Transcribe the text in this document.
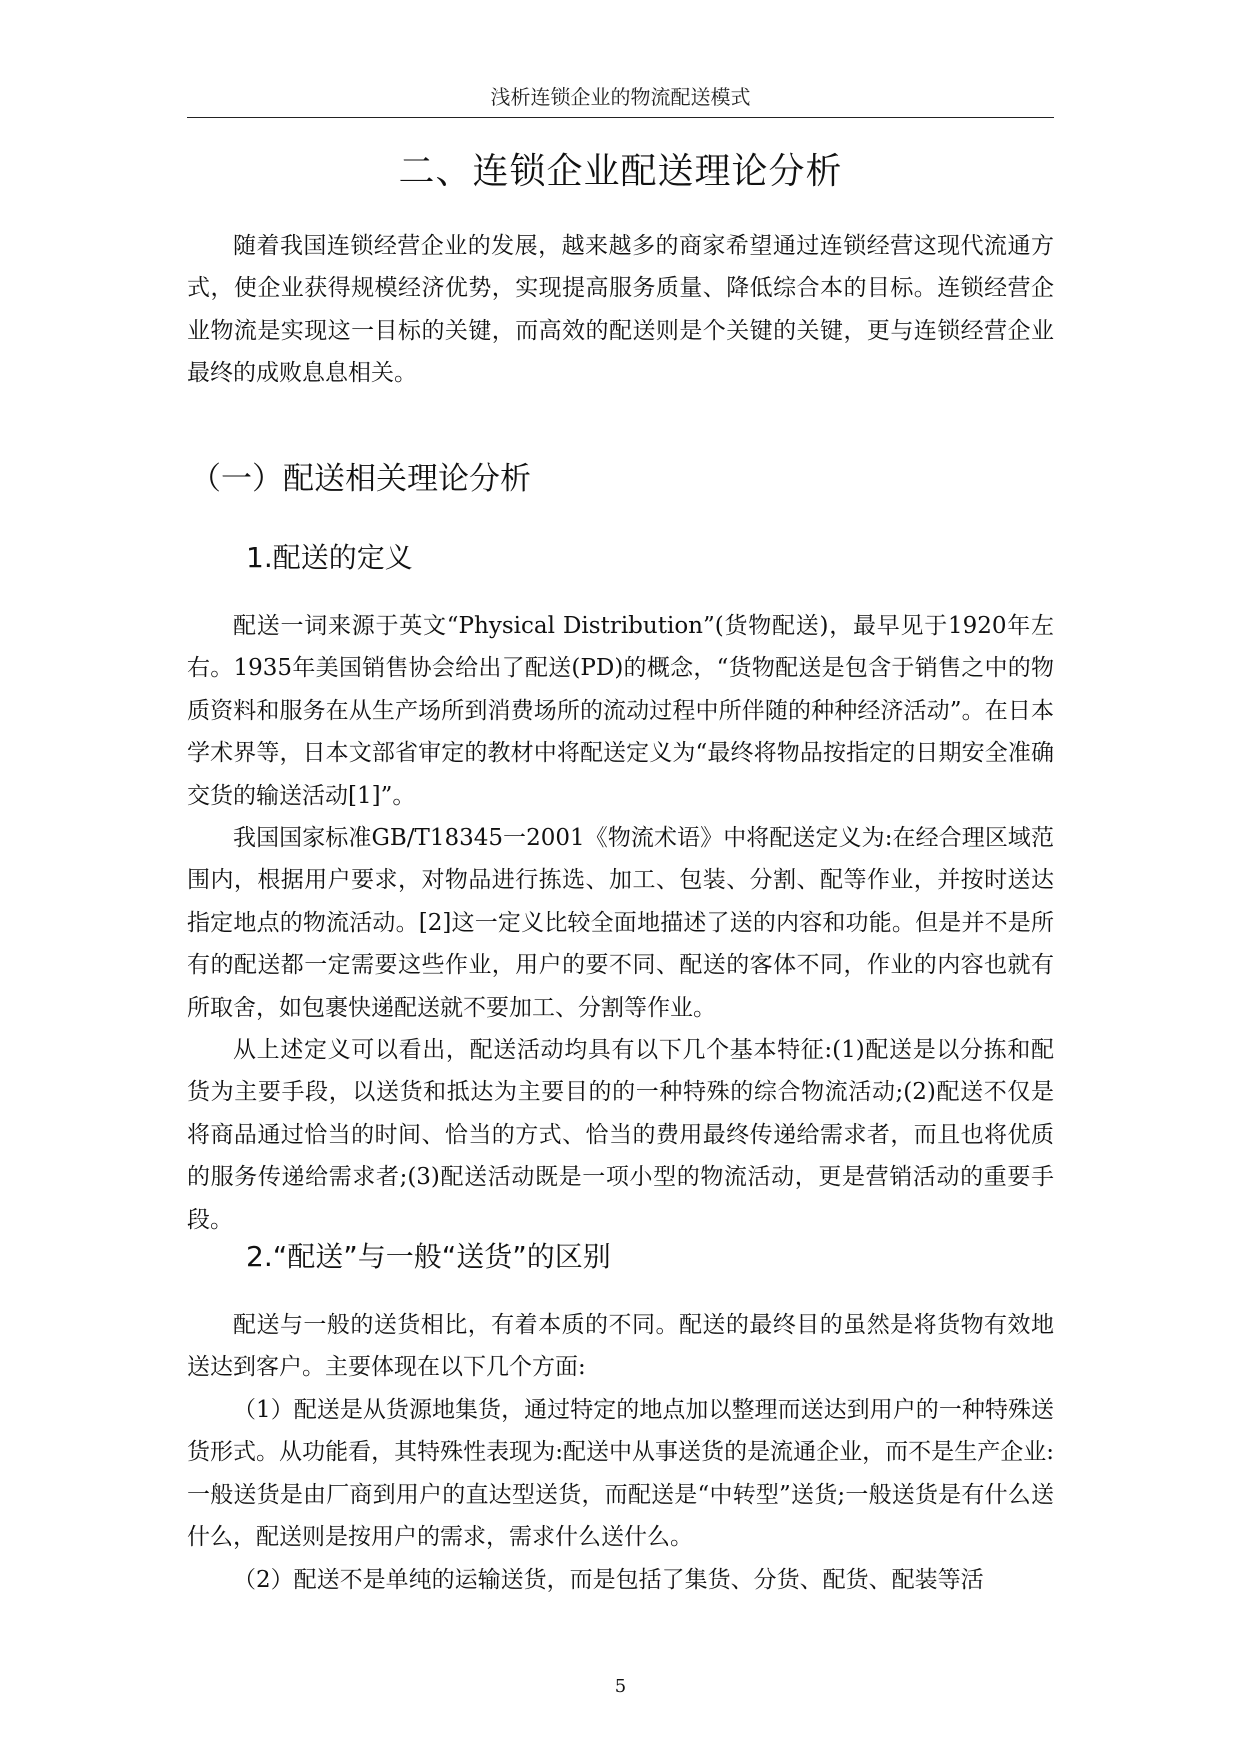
浅析连锁企业的物流配送模式
二、连锁企业配送理论分析

随着我国连锁经营企业的发展，越来越多的商家希望通过连锁经营这现代流通方式，使企业获得规模经济优势，实现提高服务质量、降低综合本的目标。连锁经营企业物流是实现这一目标的关键，而高效的配送则是个关键的关键，更与连锁经营企业最终的成败息息相关。

（一）配送相关理论分析
1.配送的定义

配送一词来源于英文“Physical Distribution”(货物配送)，最早见于1920年左右。1935年美国销售协会给出了配送(PD)的概念，“货物配送是包含于销售之中的物质资料和服务在从生产场所到消费场所的流动过程中所伴随的种种经济活动”。在日本学术界等，日本文部省审定的教材中将配送定义为“最终将物品按指定的日期安全准确交货的输送活动[1]”。

我国国家标准GB/T18345一2001《物流术语》中将配送定义为:在经合理区域范围内，根据用户要求，对物品进行拣选、加工、包装、分割、配等作业，并按时送达指定地点的物流活动。[2]这一定义比较全面地描述了送的内容和功能。但是并不是所有的配送都一定需要这些作业，用户的要不同、配送的客体不同，作业的内容也就有所取舍，如包裹快递配送就不要加工、分割等作业。

从上述定义可以看出，配送活动均具有以下几个基本特征:(1)配送是以分拣和配货为主要手段，以送货和抵达为主要目的的一种特殊的综合物流活动;(2)配送不仅是将商品通过恰当的时间、恰当的方式、恰当的费用最终传递给需求者，而且也将优质的服务传递给需求者;(3)配送活动既是一项小型的物流活动，更是营销活动的重要手段。

2.“配送”与一般“送货”的区别

配送与一般的送货相比，有着本质的不同。配送的最终目的虽然是将货物有效地送达到客户。主要体现在以下几个方面:

（1）配送是从货源地集货，通过特定的地点加以整理而送达到用户的一种特殊送货形式。从功能看，其特殊性表现为:配送中从事送货的是流通企业，而不是生产企业:一般送货是由厂商到用户的直达型送货，而配送是“中转型”送货;一般送货是有什么送什么，配送则是按用户的需求，需求什么送什么。

（2）配送不是单纯的运输送货，而是包括了集货、分货、配货、配装等活

5
